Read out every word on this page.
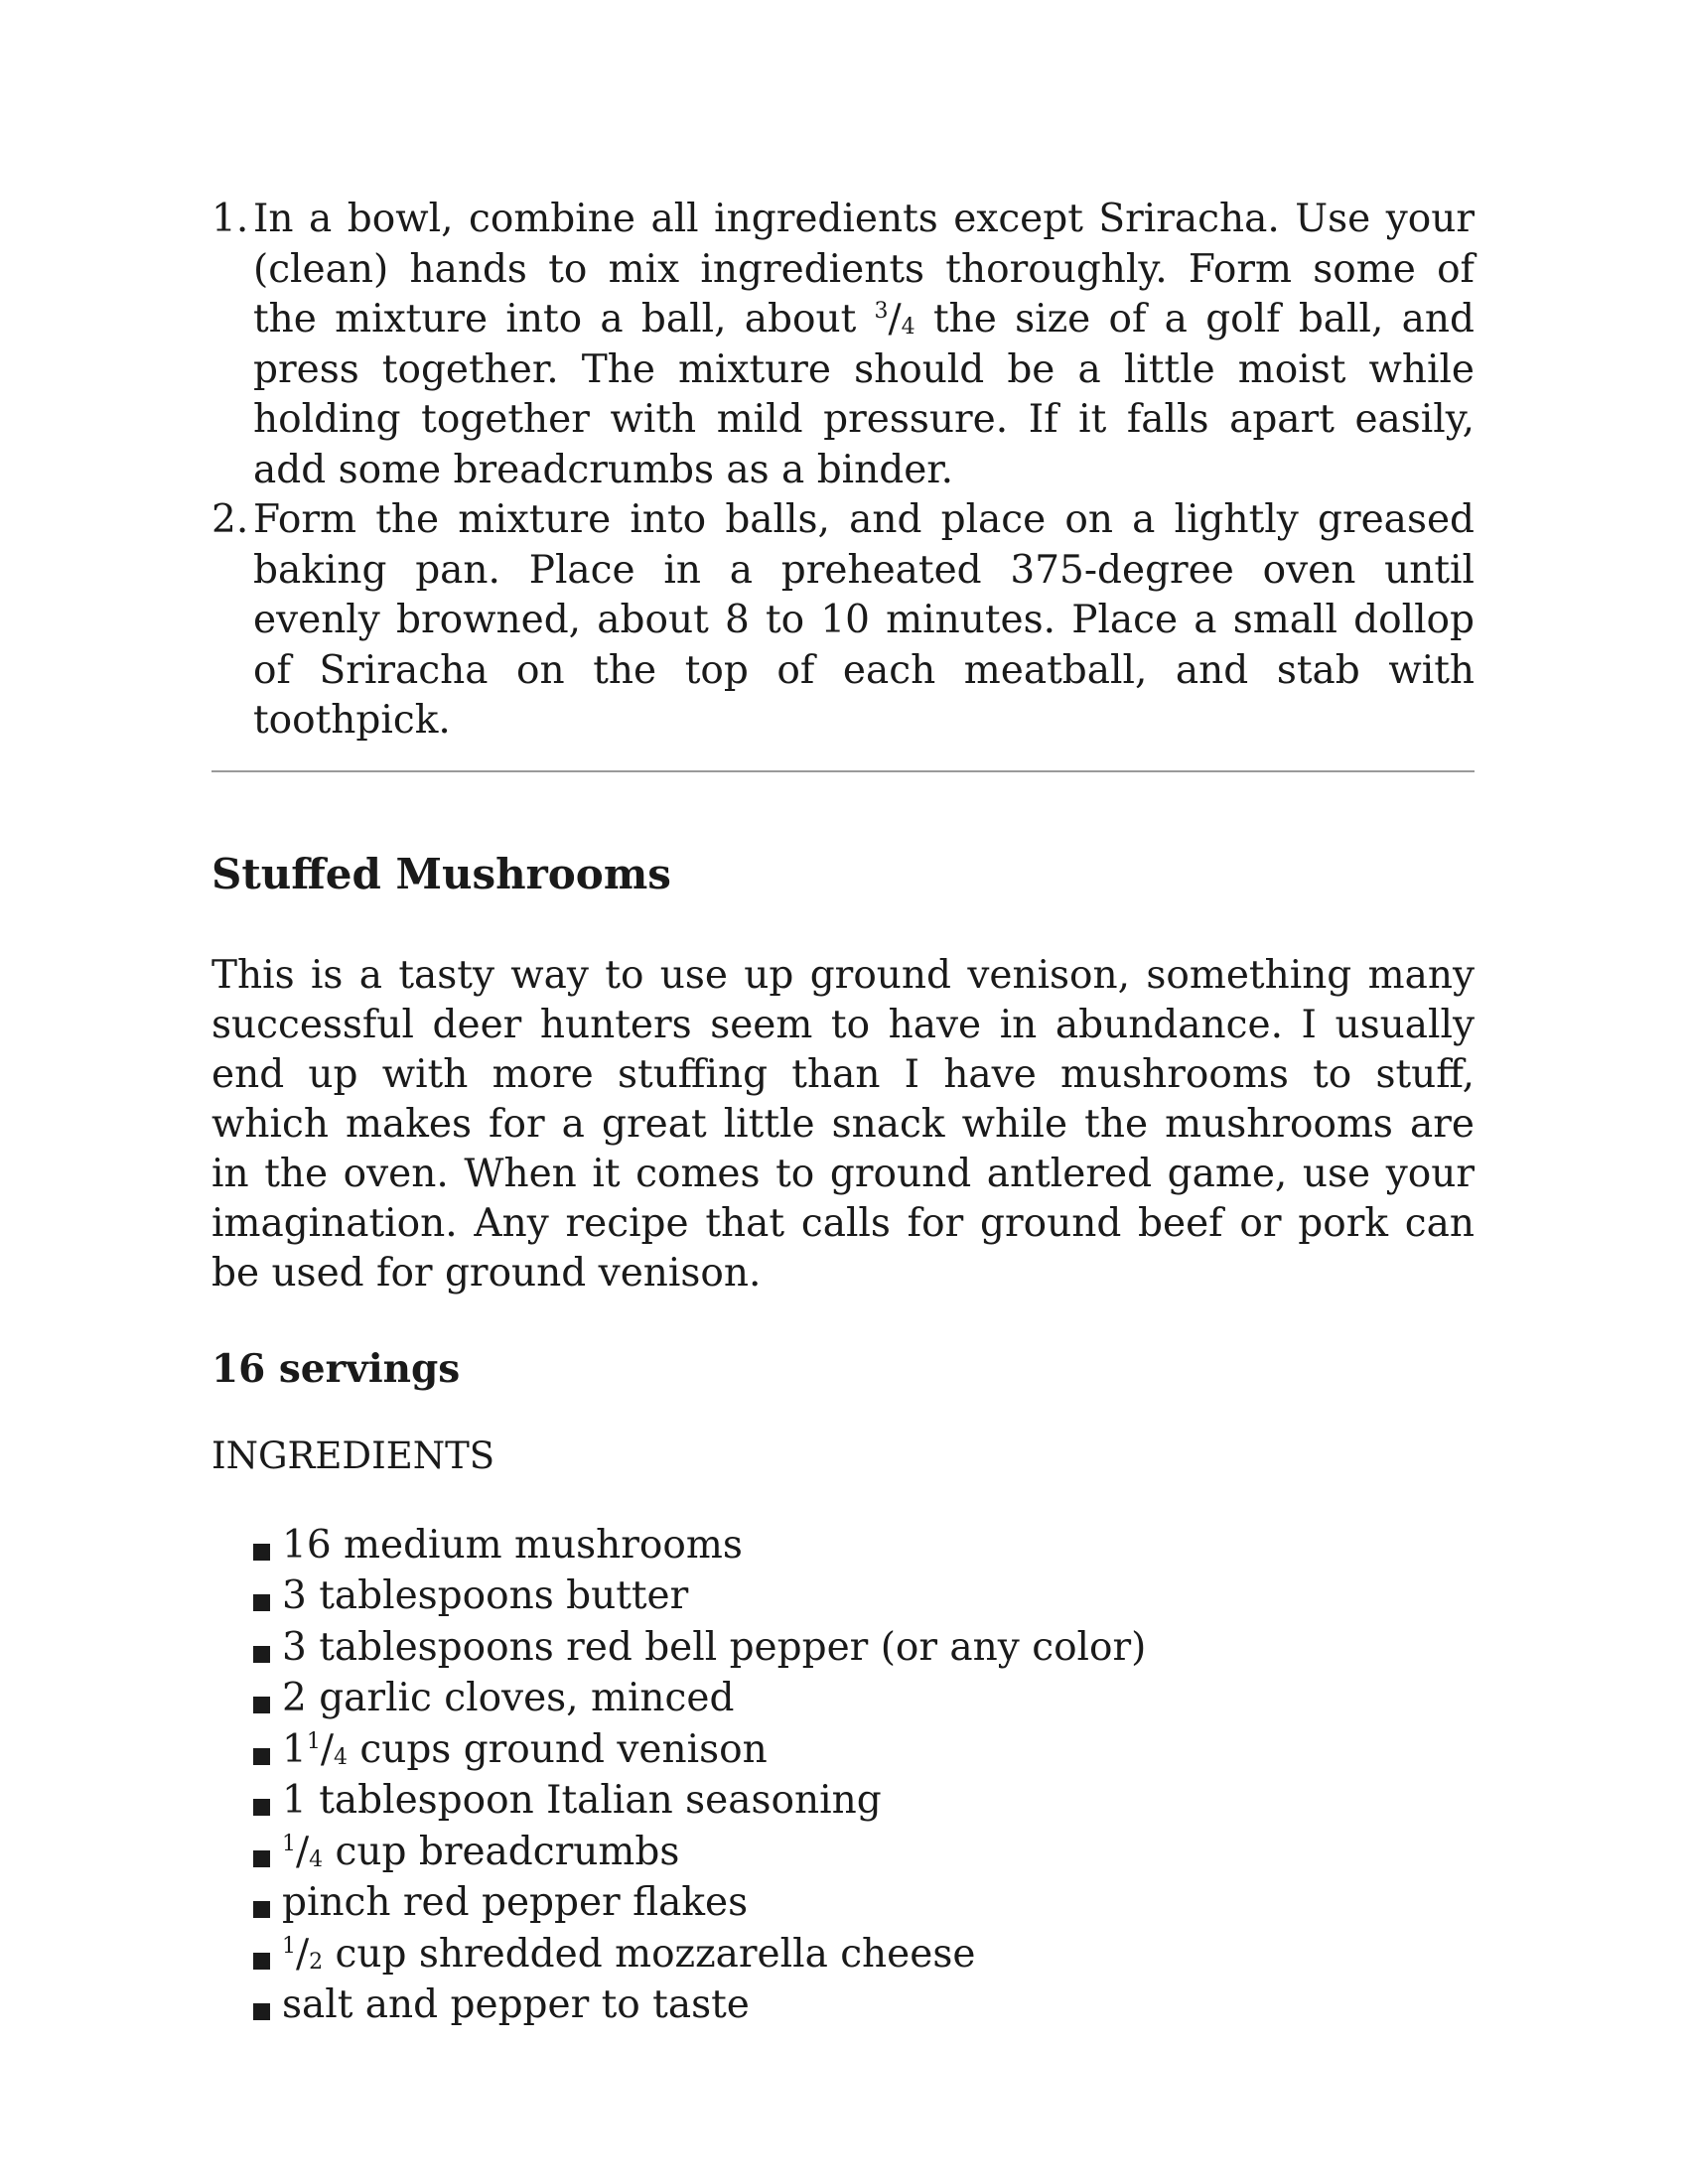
1. In a bowl, combine all ingredients except Sriracha. Use your (clean) hands to mix ingredients thoroughly. Form some of the mixture into a ball, about $^3/_4$ the size of a golf ball, and press together. The mixture should be a little moist while holding together with mild pressure. If it falls apart easily, add some breadcrumbs as a binder.
2. Form the mixture into balls, and place on a lightly greased baking pan. Place in a preheated 375-degree oven until evenly browned, about 8 to 10 minutes. Place a small dollop of Sriracha on the top of each meatball, and stab with toothpick.
Stuffed Mushrooms

This is a tasty way to use up ground venison, something many successful deer hunters seem to have in abundance. I usually end up with more stuffing than I have mushrooms to stuff, which makes for a great little snack while the mushrooms are in the oven. When it comes to ground antlered game, use your imagination. Any recipe that calls for ground beef or pork can be used for ground venison.

16 servings
INGREDIENTS
16 medium mushrooms
3 tablespoons butter
3 tablespoons red bell pepper (or any color)
2 garlic cloves, minced
$1^1/_4$ cups ground venison
1 tablespoon Italian seasoning
$^1/_4$ cup breadcrumbs
pinch red pepper flakes
$^1/_2$ cup shredded mozzarella cheese
salt and pepper to taste
